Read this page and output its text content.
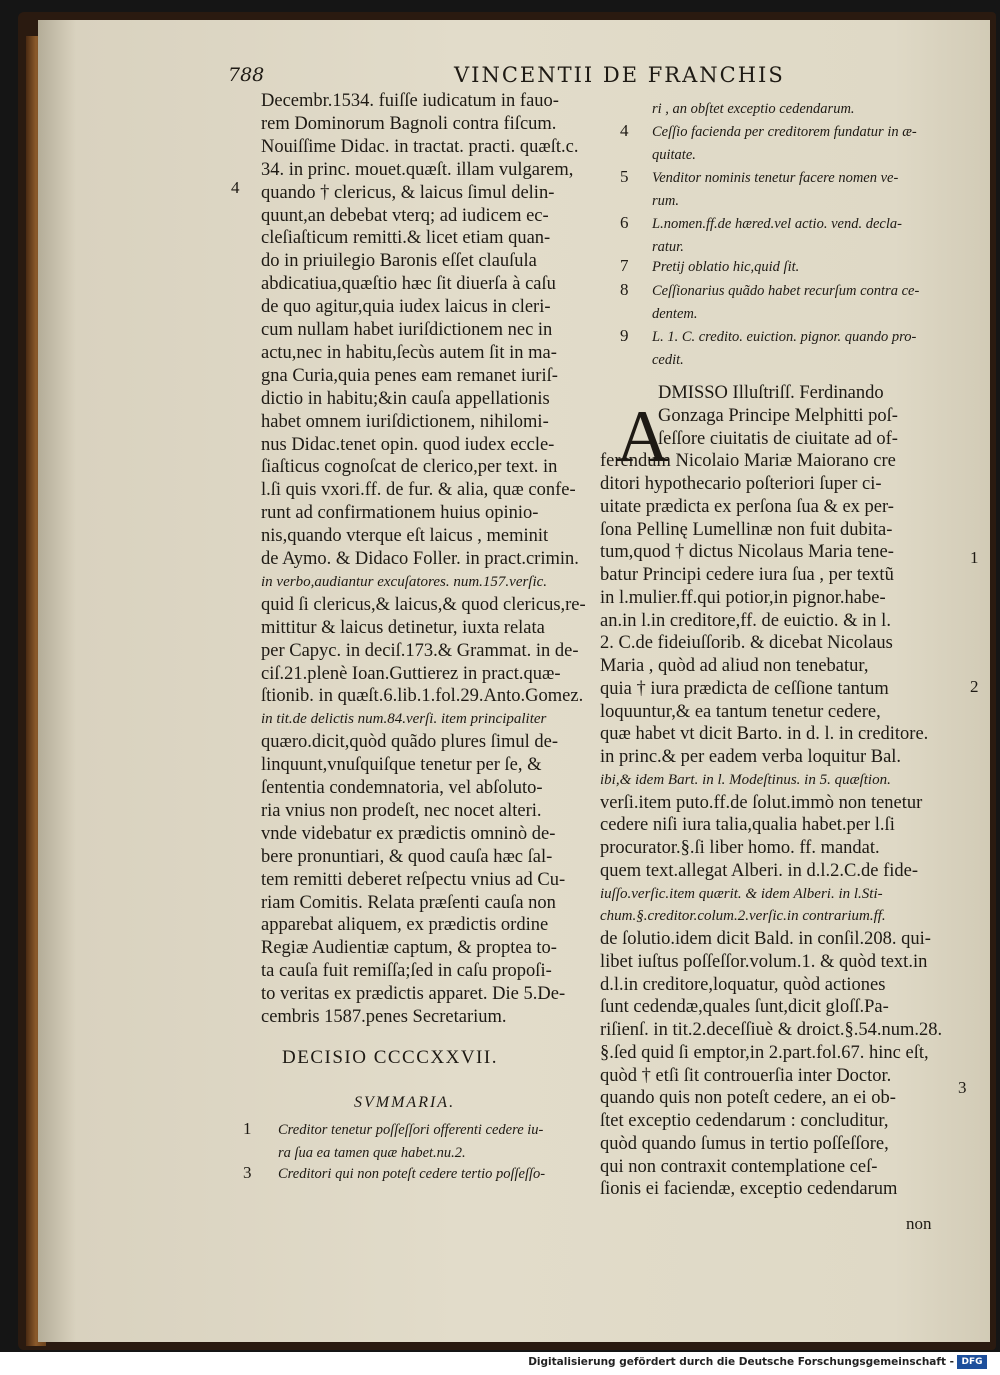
788	VINCENTII DE FRANCHIS
DECISIO CCCCXXVII.
SVMMARIA.
A
non
Decembr.1534. fuiſſe iudicatum in fauo-
rem Dominorum Bagnoli contra fiſcum.
Nouiſſime Didac. in tractat. practi. quæſt.c.
34. in princ. mouet.quæſt. illam vulgarem,
quando † clericus, & laicus ſimul delin-
quunt,an debebat vterq; ad iudicem ec-
cleſiaſticum remitti.& licet etiam quan-
do in priuilegio Baronis eſſet clauſula
abdicatiua,quæſtio hæc ſit diuerſa à caſu
de quo agitur,quia iudex laicus in cleri-
cum nullam habet iuriſdictionem nec in
actu,nec in habitu,ſecùs autem ſit in ma-
gna Curia,quia penes eam remanet iuriſ-
dictio in habitu;&in cauſa appellationis
habet omnem iuriſdictionem, nihilomi-
nus Didac.tenet opin. quod iudex eccle-
ſiaſticus cognoſcat de clerico,per text. in
l.ſi quis vxori.ff. de fur. & alia, quæ confe-
runt ad confirmationem huius opinio-
nis,quando vterque eſt laicus , meminit
de Aymo. & Didaco Foller. in pract.crimin.
in verbo,audiantur excuſatores. num.157.verſic.
quid ſi clericus,& laicus,& quod clericus,re-
mittitur & laicus detinetur, iuxta relata
per Capyc. in deciſ.173.& Grammat. in de-
ciſ.21.plenè Ioan.Guttierez in pract.quæ-
ſtionib. in quæſt.6.lib.1.fol.29.Anto.Gomez.
in tit.de delictis num.84.verſi. item principaliter
quæro.dicit,quòd quãdo plures ſimul de-
linquunt,vnuſquiſque tenetur per ſe, &
ſententia condemnatoria, vel abſoluto-
ria vnius non prodeſt, nec nocet alteri.
vnde videbatur ex prædictis omninò de-
bere pronuntiari, & quod cauſa hæc ſal-
tem remitti deberet reſpectu vnius ad Cu-
riam Comitis. Relata præſenti cauſa non
apparebat aliquem, ex prædictis ordine
Regiæ Audientiæ captum, & proptea to-
ta cauſa fuit remiſſa;ſed in caſu propoſi-
to veritas ex prædictis apparet. Die 5.De-
cembris 1587.penes Secretarium.
4
1 Creditor tenetur poſſeſſori offerenti cedere iu-
ra ſua ea tamen quæ habet.nu.2.
3 Creditori qui non poteſt cedere tertio poſſeſſo-
ri , an obſtet exceptio cedendarum.
4 Ceſſio facienda per creditorem fundatur in æ-
quitate.
5 Venditor nominis tenetur facere nomen ve-
rum.
6 L.nomen.ff.de hæred.vel actio. vend. decla-
ratur.
7 Pretij oblatio hic,quid ſit.
8 Ceſſionarius quãdo habet recurſum contra ce-
dentem.
9 L. 1. C. credito. euiction. pignor. quando pro-
cedit.
DMISSO Illuſtriſſ. Ferdinando
Gonzaga Principe Melphitti poſ-
ſeſſore ciuitatis de ciuitate ad of-
ferendum Nicolaio Mariæ Maiorano cre
ditori hypothecario poſteriori ſuper ci-
uitate prædicta ex perſona ſua & ex per-
ſona Pellinę Lumellinæ non fuit dubita-
tum,quod † dictus Nicolaus Maria tene-
batur Principi cedere iura ſua , per textũ
in l.mulier.ff.qui potior,in pignor.habe-
an.in l.in creditore,ff. de euictio. & in l.
2. C.de fideiuſſorib. & dicebat Nicolaus
Maria , quòd ad aliud non tenebatur,
quia † iura prædicta de ceſſione tantum
loquuntur,& ea tantum tenetur cedere,
quæ habet vt dicit Barto. in d. l. in creditore.
in princ.& per eadem verba loquitur Bal.
ibi,& idem Bart. in l. Modeſtinus. in 5. quæſtion.
verſi.item puto.ff.de ſolut.immò non tenetur
cedere niſi iura talia,qualia habet.per l.ſi
procurator.§.ſi liber homo. ff. mandat.
quem text.allegat Alberi. in d.l.2.C.de fide-
iuſſo.verſic.item quærit. & idem Alberi. in l.Sti-
chum.§.creditor.colum.2.verſic.in contrarium.ff.
de ſolutio.idem dicit Bald. in conſil.208. qui-
libet iuſtus poſſeſſor.volum.1. & quòd text.in
d.l.in creditore,loquatur, quòd actiones
ſunt cedendæ,quales ſunt,dicit gloſſ.Pa-
riſienſ. in tit.2.deceſſiuè & droict.§.54.num.28.
§.ſed quid ſi emptor,in 2.part.fol.67. hinc eſt,
quòd † etſi ſit controuerſia inter Doctor.
quando quis non poteſt cedere, an ei ob-
ſtet exceptio cedendarum : concluditur,
quòd quando ſumus in tertio poſſeſſore,
qui non contraxit contemplatione ceſ-
ſionis ei faciendæ, exceptio cedendarum
1
2
3
Digitalisierung gefördert durch die Deutsche Forschungsgemeinschaft - DFG
